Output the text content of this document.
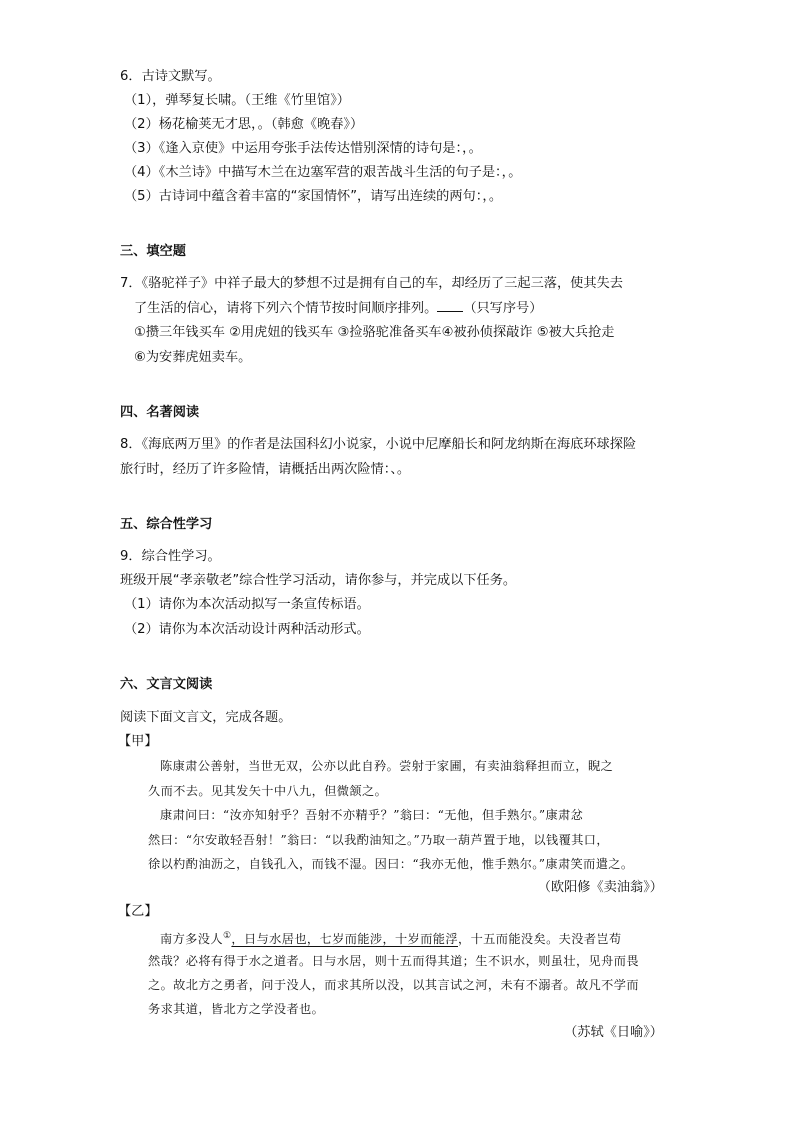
6．古诗文默写。
（1），弹琴复长啸。（王维《竹里馆》）
（2）杨花榆荚无才思，。（韩愈《晚春》）
（3）《逢入京使》中运用夸张手法传达惜别深情的诗句是：，。
（4）《木兰诗》中描写木兰在边塞军营的艰苦战斗生活的句子是：，。
（5）古诗词中蕴含着丰富的“家国情怀”，请写出连续的两句：，。
三、填空题
7．《骆驼祥子》中祥子最大的梦想不过是拥有自己的车，却经历了三起三落，使其失去
了生活的信心，请将下列六个情节按时间顺序排列。 （只写序号）
①攒三年钱买车 ②用虎妞的钱买车 ③捡骆驼准备买车④被孙侦探敲诈 ⑤被大兵抢走
⑥为安葬虎妞卖车。
四、名著阅读
8．《海底两万里》的作者是法国科幻小说家，小说中尼摩船长和阿龙纳斯在海底环球探险
旅行时，经历了许多险情，请概括出两次险情：、。
五、综合性学习
9．综合性学习。
班级开展“孝亲敬老”综合性学习活动，请你参与，并完成以下任务。
（1）请你为本次活动拟写一条宣传标语。
（2）请你为本次活动设计两种活动形式。
六、文言文阅读
阅读下面文言文，完成各题。
【甲】
陈康肃公善射，当世无双，公亦以此自矜。尝射于家圃，有卖油翁释担而立，睨之
久而不去。见其发矢十中八九，但微颔之。
康肃问曰：“汝亦知射乎？吾射不亦精乎？”翁曰：“无他，但手熟尔。”康肃忿
然曰：“尔安敢轻吾射！”翁曰：“以我酌油知之。”乃取一葫芦置于地，以钱覆其口，
徐以杓酌油沥之，自钱孔入，而钱不湿。因曰：“我亦无他，惟手熟尔。”康肃笑而遣之。
（欧阳修《卖油翁》）
【乙】
南方多没人①，日与水居也，七岁而能涉，十岁而能浮，十五而能没矣。夫没者岂苟
然哉？必将有得于水之道者。日与水居，则十五而得其道；生不识水，则虽壮，见舟而畏
之。故北方之勇者，问于没人，而求其所以没，以其言试之河，未有不溺者。故凡不学而
务求其道，皆北方之学没者也。
（苏轼《日喻》）
